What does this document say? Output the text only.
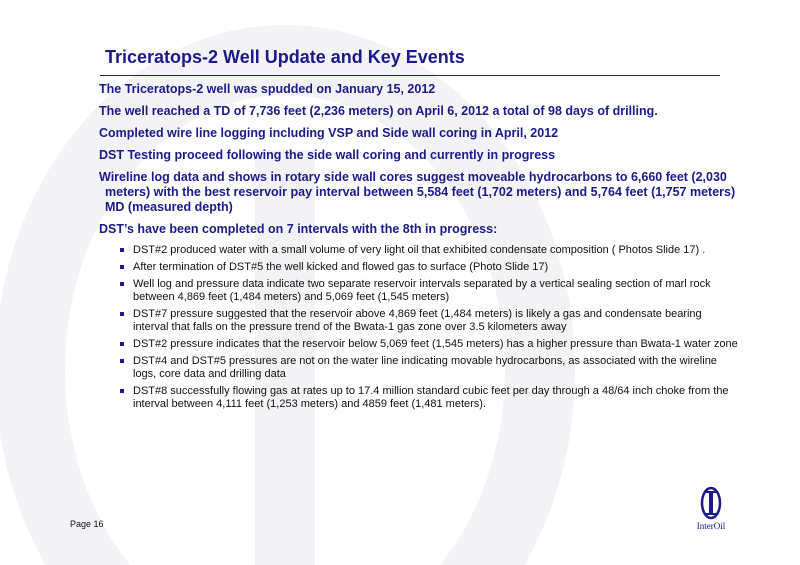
Triceratops-2 Well Update and Key Events

The Triceratops-2 well was spudded on January 15, 2012

The well reached a TD of 7,736 feet (2,236 meters) on April 6, 2012 a total of 98 days of drilling.

Completed wire line logging including VSP and Side wall coring in April, 2012

DST Testing proceed following the side wall coring and currently in progress

Wireline log data and shows in rotary side wall cores suggest moveable hydrocarbons to 6,660 feet (2,030 meters) with the best reservoir pay interval between 5,584 feet (1,702 meters) and 5,764 feet (1,757 meters) MD (measured depth)

DST’s have been completed on 7 intervals with the 8th in progress:

DST#2 produced water with a small volume of very light oil that exhibited condensate composition ( Photos Slide 17) .
After termination of DST#5 the well kicked and flowed gas to surface (Photo Slide 17)
Well log and pressure data indicate two separate reservoir intervals separated by a vertical sealing section of marl rock between 4,869 feet (1,484 meters) and 5,069 feet (1,545 meters)
DST#7 pressure suggested that the reservoir above 4,869 feet (1,484 meters) is likely a gas and condensate bearing interval that falls on the pressure trend of the Bwata-1 gas zone over 3.5 kilometers away
DST#2 pressure indicates that the reservoir below 5,069 feet (1,545 meters) has a higher pressure than Bwata-1 water zone
DST#4 and DST#5 pressures are not on the water line indicating movable hydrocarbons, as associated with the wireline logs, core data and drilling data
DST#8 successfully flowing gas at rates up to 17.4 million standard cubic feet per day through a 48/64 inch choke from the interval between 4,111 feet (1,253 meters) and 4859 feet (1,481 meters).
Page 16	InterOil
